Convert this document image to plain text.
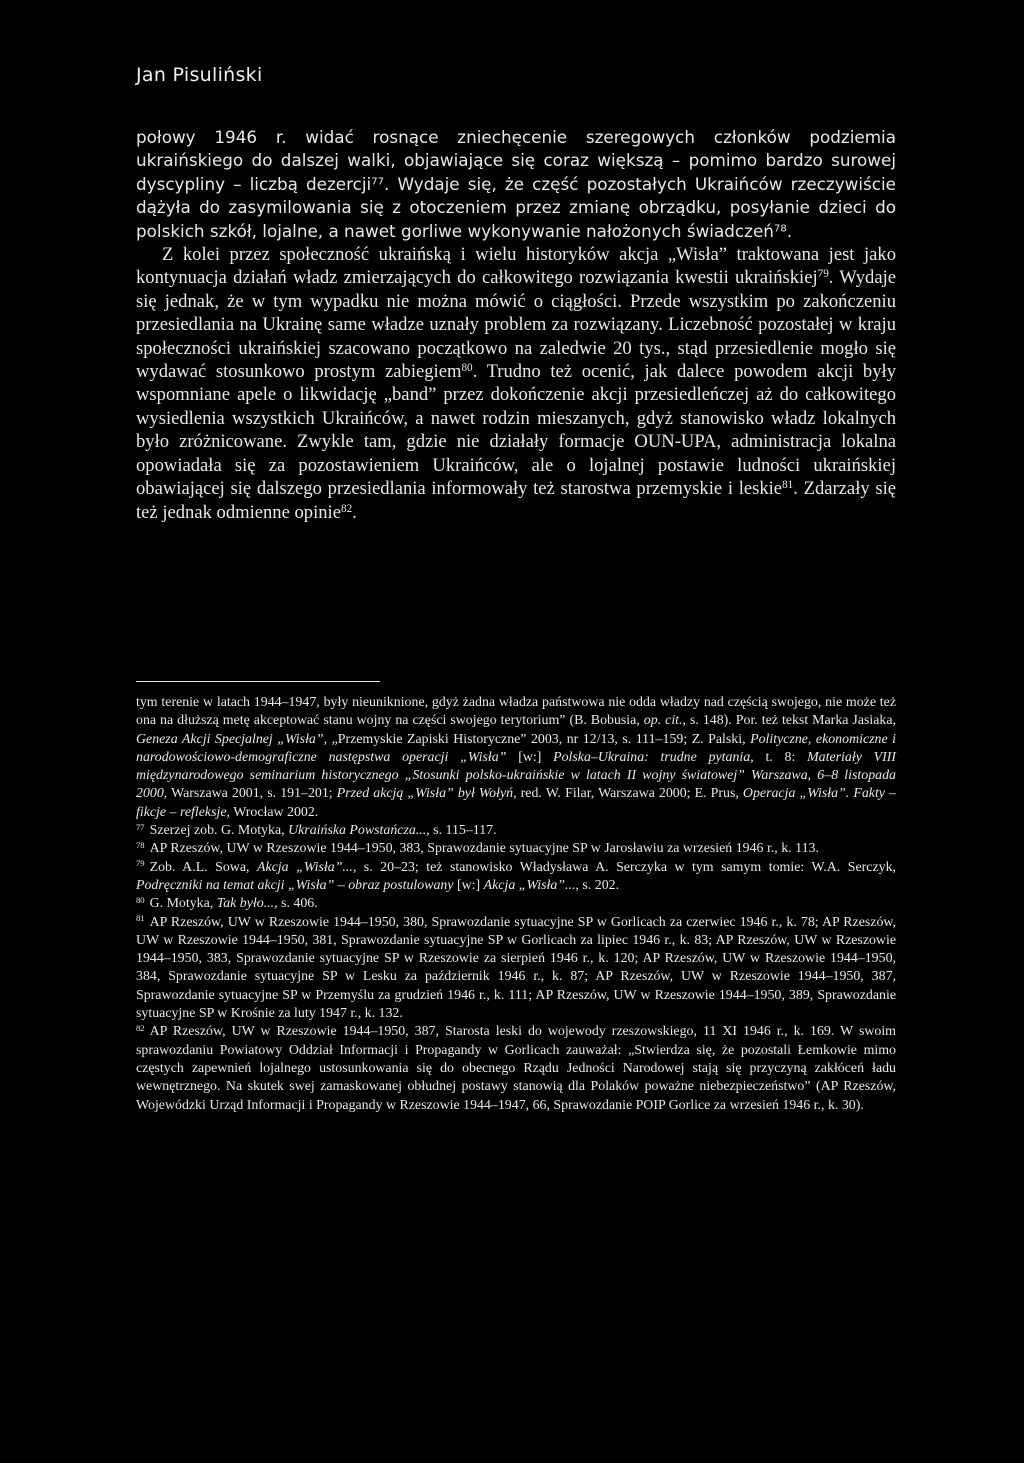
Jan Pisuliński

połowy 1946 r. widać rosnące zniechęcenie szeregowych członków podziemia ukraińskiego do dalszej walki, objawiające się coraz większą – pomimo bardzo surowej dyscypliny – liczbą dezercji$^{77}$. Wydaje się, że część pozostałych Ukraińców rzeczywiście dążyła do zasymilowania się z otoczeniem przez zmianę obrządku, posyłanie dzieci do polskich szkół, lojalne, a nawet gorliwe wykonywanie nałożonych świadczeń$^{78}$.

Z kolei przez społeczność ukraińską i wielu historyków akcja „Wisła” traktowana jest jako kontynuacja działań władz zmierzających do całkowitego rozwiązania kwestii ukraińskiej$^{79}$. Wydaje się jednak, że w tym wypadku nie można mówić o ciągłości. Przede wszystkim po zakończeniu przesiedlania na Ukrainę same władze uznały problem za rozwiązany. Liczebność pozostałej w kraju społeczności ukraińskiej szacowano początkowo na zaledwie 20 tys., stąd przesiedlenie mogło się wydawać stosunkowo prostym zabiegiem$^{80}$. Trudno też ocenić, jak dalece powodem akcji były wspomniane apele o likwidację „band” przez dokończenie akcji przesiedleńczej aż do całkowitego wysiedlenia wszystkich Ukraińców, a nawet rodzin mieszanych, gdyż stanowisko władz lokalnych było zróżnicowane. Zwykle tam, gdzie nie działały formacje OUN-UPA, administracja lokalna opowiadała się za pozostawieniem Ukraińców, ale o lojalnej postawie ludności ukraińskiej obawiającej się dalszego przesiedlania informowały też starostwa przemyskie i leskie$^{81}$. Zdarzały się też jednak odmienne opinie$^{82}$.

tym terenie w latach 1944–1947, były nieuniknione, gdyż żadna władza państwowa nie odda władzy nad częścią swojego, nie może też ona na dłuższą metę akceptować stanu wojny na części swojego terytorium” (B. Bobusia, op. cit., s. 148). Por. też tekst Marka Jasiaka, Geneza Akcji Specjalnej „Wisła”, „Przemyskie Zapiski Historyczne” 2003, nr 12/13, s. 111–159; Z. Palski, Polityczne, ekonomiczne i narodowościowo-demograficzne następstwa operacji „Wisła” [w:] Polska–Ukraina: trudne pytania, t. 8: Materiały VIII międzynarodowego seminarium historycznego „Stosunki polsko-ukraińskie w latach II wojny światowej” Warszawa, 6–8 listopada 2000, Warszawa 2001, s. 191–201; Przed akcją „Wisła” był Wołyń, red. W. Filar, Warszawa 2000; E. Prus, Operacja „Wisła”. Fakty – fikcje – refleksje, Wrocław 2002.

$^{77}$ Szerzej zob. G. Motyka, Ukraińska Powstańcza..., s. 115–117.

$^{78}$ AP Rzeszów, UW w Rzeszowie 1944–1950, 383, Sprawozdanie sytuacyjne SP w Jarosławiu za wrzesień 1946 r., k. 113.

$^{79}$ Zob. A.L. Sowa, Akcja „Wisła”..., s. 20–23; też stanowisko Władysława A. Serczyka w tym samym tomie: W.A. Serczyk, Podręczniki na temat akcji „Wisła” – obraz postulowany [w:] Akcja „Wisła”..., s. 202.

$^{80}$ G. Motyka, Tak było..., s. 406.

$^{81}$ AP Rzeszów, UW w Rzeszowie 1944–1950, 380, Sprawozdanie sytuacyjne SP w Gorlicach za czerwiec 1946 r., k. 78; AP Rzeszów, UW w Rzeszowie 1944–1950, 381, Sprawozdanie sytuacyjne SP w Gorlicach za lipiec 1946 r., k. 83; AP Rzeszów, UW w Rzeszowie 1944–1950, 383, Sprawozdanie sytuacyjne SP w Rzeszowie za sierpień 1946 r., k. 120; AP Rzeszów, UW w Rzeszowie 1944–1950, 384, Sprawozdanie sytuacyjne SP w Lesku za październik 1946 r., k. 87; AP Rzeszów, UW w Rzeszowie 1944–1950, 387, Sprawozdanie sytuacyjne SP w Przemyślu za grudzień 1946 r., k. 111; AP Rzeszów, UW w Rzeszowie 1944–1950, 389, Sprawozdanie sytuacyjne SP w Krośnie za luty 1947 r., k. 132.

$^{82}$ AP Rzeszów, UW w Rzeszowie 1944–1950, 387, Starosta leski do wojewody rzeszowskiego, 11 XI 1946 r., k. 169. W swoim sprawozdaniu Powiatowy Oddział Informacji i Propagandy w Gorlicach zauważał: „Stwierdza się, że pozostali Łemkowie mimo częstych zapewnień lojalnego ustosunkowania się do obecnego Rządu Jedności Narodowej stają się przyczyną zakłóceń ładu wewnętrznego. Na skutek swej zamaskowanej obłudnej postawy stanowią dla Polaków poważne niebezpieczeństwo” (AP Rzeszów, Wojewódzki Urząd Informacji i Propagandy w Rzeszowie 1944–1947, 66, Sprawozdanie POIP Gorlice za wrzesień 1946 r., k. 30).
